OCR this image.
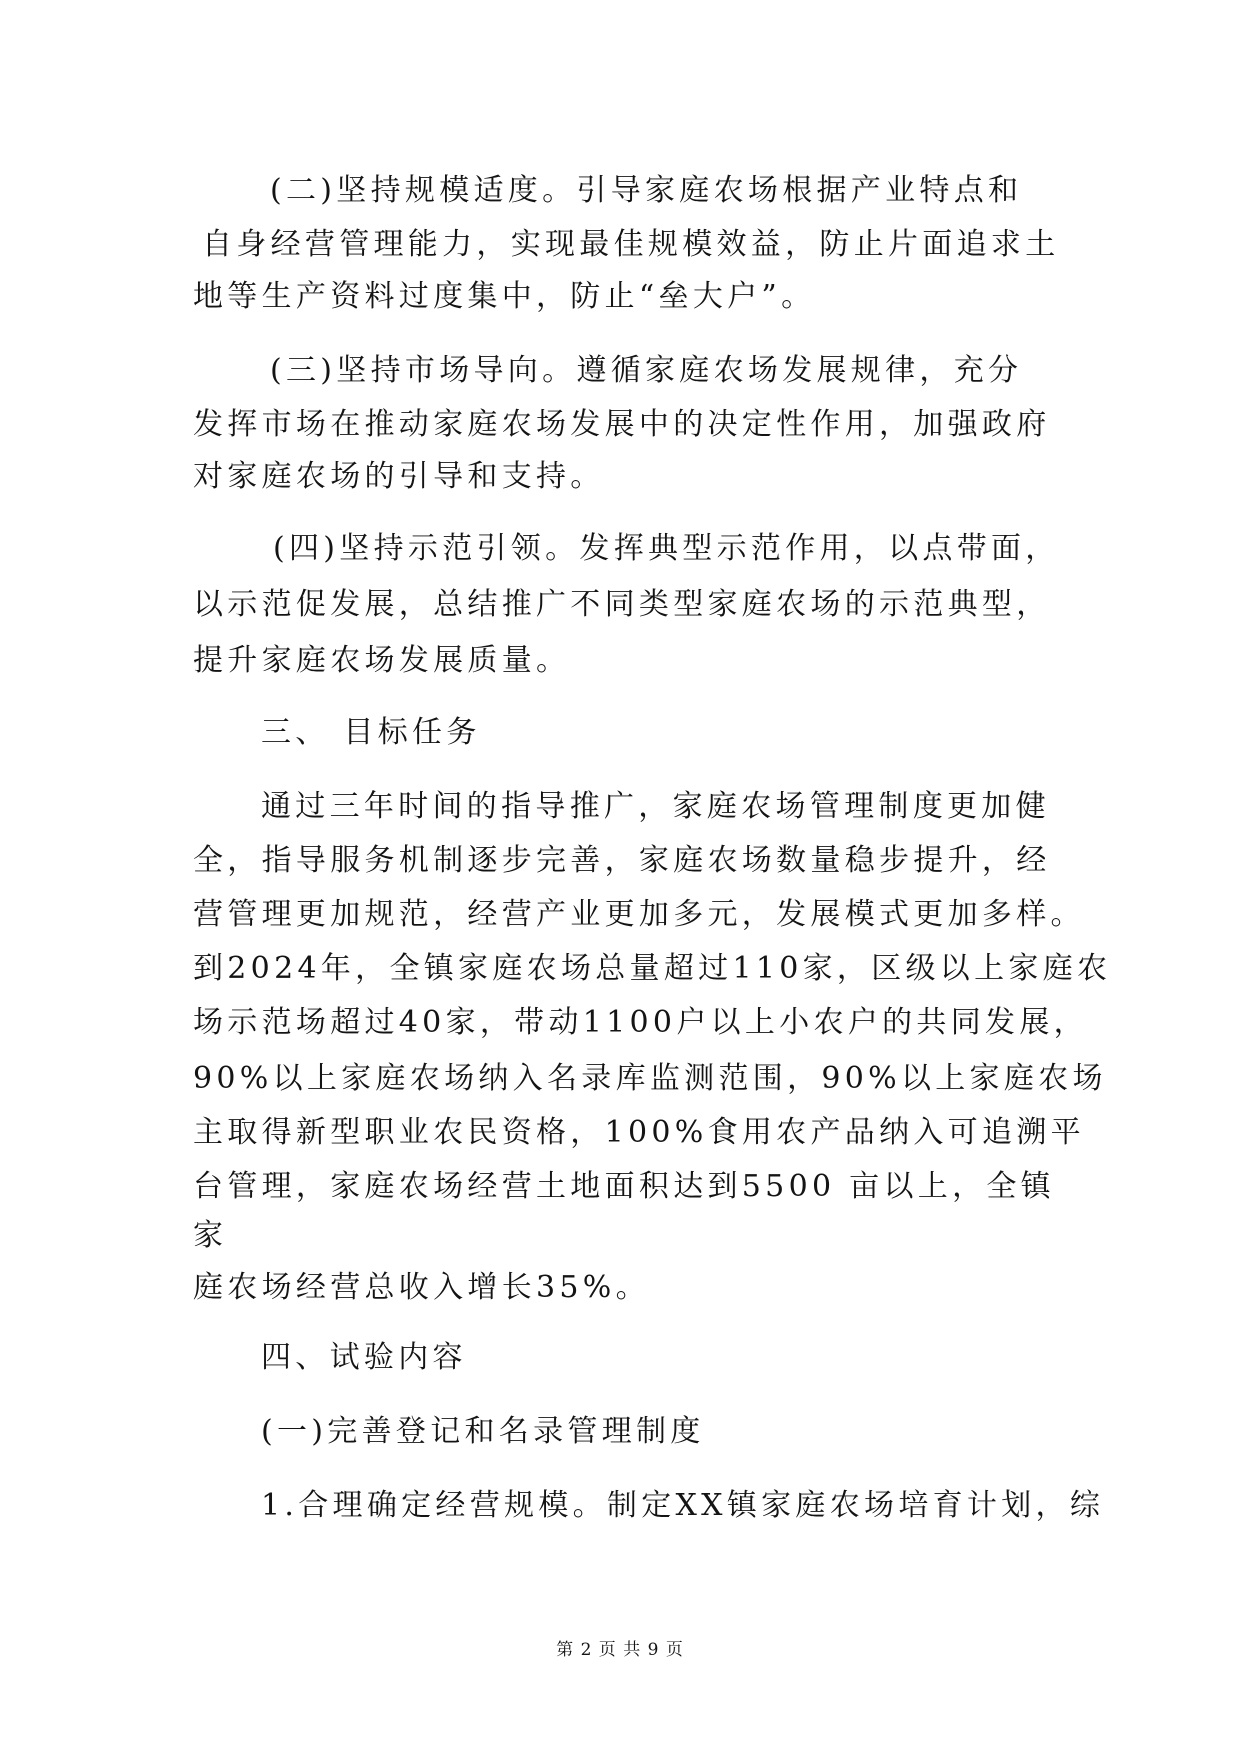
(二)坚持规模适度。引导家庭农场根据产业特点和
自身经营管理能力，实现最佳规模效益，防止片面追求土
地等生产资料过度集中，防止“垒大户”。
(三)坚持市场导向。遵循家庭农场发展规律，充分
发挥市场在推动家庭农场发展中的决定性作用，加强政府
对家庭农场的引导和支持。
(四)坚持示范引领。发挥典型示范作用，以点带面，
以示范促发展，总结推广不同类型家庭农场的示范典型，
提升家庭农场发展质量。
三、 目标任务
通过三年时间的指导推广，家庭农场管理制度更加健
全，指导服务机制逐步完善，家庭农场数量稳步提升，经
营管理更加规范，经营产业更加多元，发展模式更加多样。
到2024年，全镇家庭农场总量超过110家，区级以上家庭农
场示范场超过40家，带动1100户以上小农户的共同发展，
90%以上家庭农场纳入名录库监测范围，90%以上家庭农场
主取得新型职业农民资格，100%食用农产品纳入可追溯平
台管理，家庭农场经营土地面积达到5500 亩以上，全镇
家
庭农场经营总收入增长35%。
四、试验内容
(一)完善登记和名录管理制度
1.合理确定经营规模。制定XX镇家庭农场培育计划，综
第 2 页 共 9 页
